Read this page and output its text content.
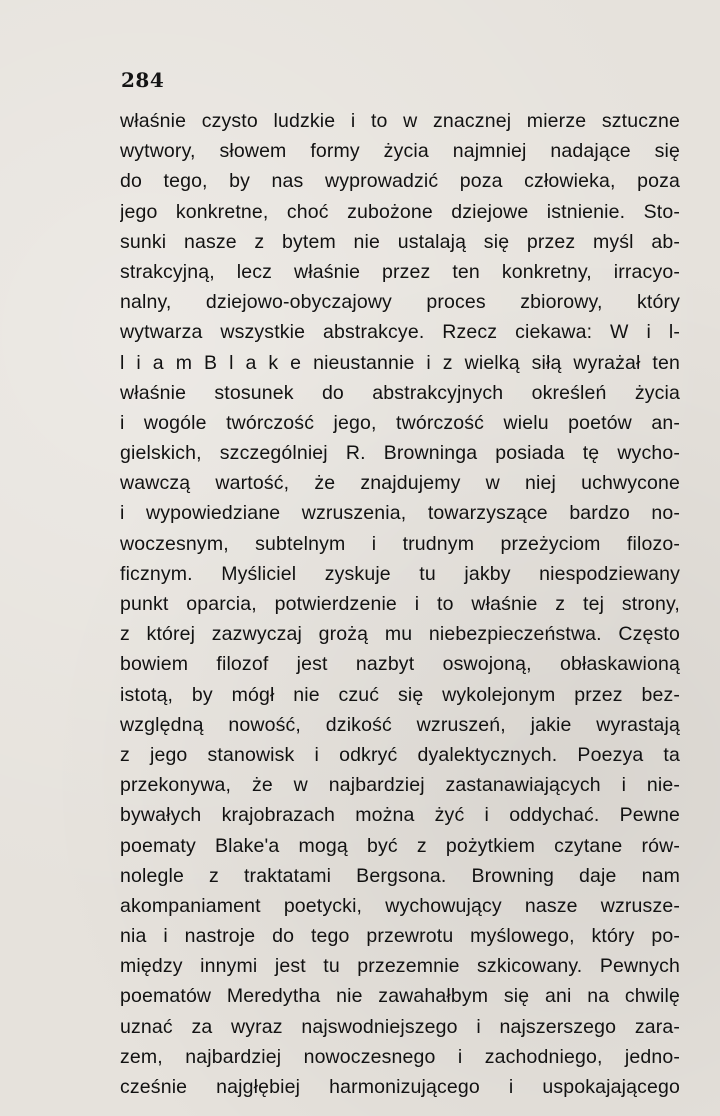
284
właśnie czysto ludzkie i to w znacznej mierze sztuczne
wytwory, słowem formy życia najmniej nadające się
do tego, by nas wyprowadzić poza człowieka, poza
jego konkretne, choć zubożone dziejowe istnienie. Sto-
sunki nasze z bytem nie ustalają się przez myśl ab-
strakcyjną, lecz właśnie przez ten konkretny, irracyo-
nalny, dziejowo-obyczajowy proces zbiorowy, który
wytwarza wszystkie abstrakcye. Rzecz ciekawa: W i l-
l i a m B l a k e nieustannie i z wielką siłą wyrażał ten
właśnie stosunek do abstrakcyjnych określeń życia
i wogóle twórczość jego, twórczość wielu poetów an-
gielskich, szczególniej R. Browninga posiada tę wycho-
wawczą wartość, że znajdujemy w niej uchwycone
i wypowiedziane wzruszenia, towarzyszące bardzo no-
woczesnym, subtelnym i trudnym przeżyciom filozo-
ficznym. Myśliciel zyskuje tu jakby niespodziewany
punkt oparcia, potwierdzenie i to właśnie z tej strony,
z której zazwyczaj grożą mu niebezpieczeństwa. Często
bowiem filozof jest nazbyt oswojoną, obłaskawioną
istotą, by mógł nie czuć się wykolejonym przez bez-
względną nowość, dzikość wzruszeń, jakie wyrastają
z jego stanowisk i odkryć dyalektycznych. Poezya ta
przekonywa, że w najbardziej zastanawiających i nie-
bywałych krajobrazach można żyć i oddychać. Pewne
poematy Blake'a mogą być z pożytkiem czytane rów-
nolegle z traktatami Bergsona. Browning daje nam
akompaniament poetycki, wychowujący nasze wzrusze-
nia i nastroje do tego przewrotu myślowego, który po-
między innymi jest tu przezemnie szkicowany. Pewnych
poematów Meredytha nie zawahałbym się ani na chwilę
uznać za wyraz najswodniejszego i najszerszego zara-
zem, najbardziej nowoczesnego i zachodniego, jedno-
cześnie najgłębiej harmonizującego i uspokajającego
